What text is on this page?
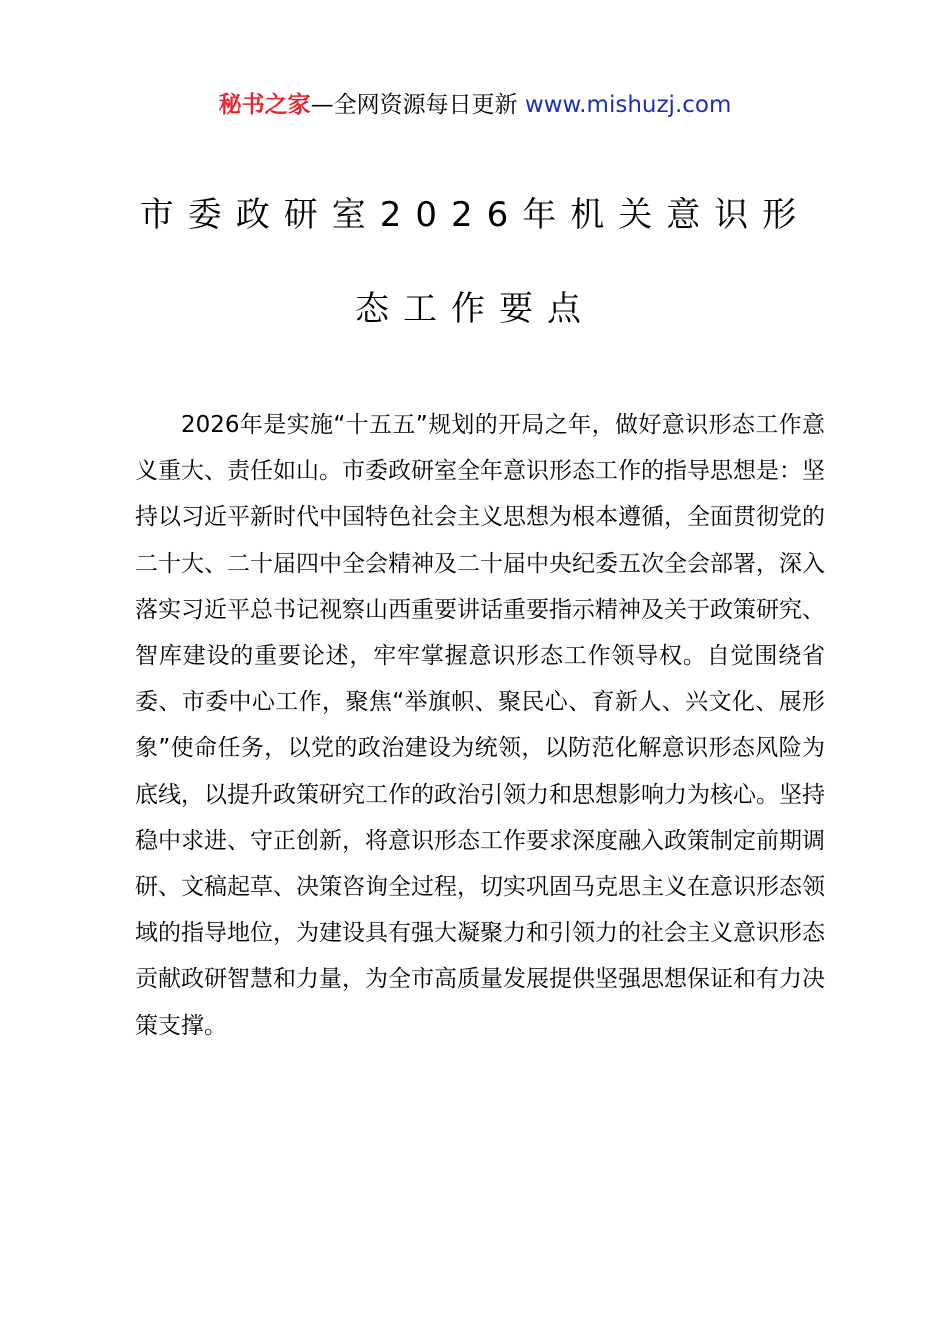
秘书之家—全网资源每日更新 www.mishuzj.com
市委政研室2026年机关意识形
态工作要点

2026年是实施“十五五”规划的开局之年，做好意识形态工作意义重大、责任如山。市委政研室全年意识形态工作的指导思想是：坚持以习近平新时代中国特色社会主义思想为根本遵循，全面贯彻党的二十大、二十届四中全会精神及二十届中央纪委五次全会部署，深入落实习近平总书记视察山西重要讲话重要指示精神及关于政策研究、智库建设的重要论述，牢牢掌握意识形态工作领导权。自觉围绕省委、市委中心工作，聚焦“举旗帜、聚民心、育新人、兴文化、展形象”使命任务，以党的政治建设为统领，以防范化解意识形态风险为底线，以提升政策研究工作的政治引领力和思想影响力为核心。坚持稳中求进、守正创新，将意识形态工作要求深度融入政策制定前期调研、文稿起草、决策咨询全过程，切实巩固马克思主义在意识形态领域的指导地位，为建设具有强大凝聚力和引领力的社会主义意识形态贡献政研智慧和力量，为全市高质量发展提供坚强思想保证和有力决策支撑。
